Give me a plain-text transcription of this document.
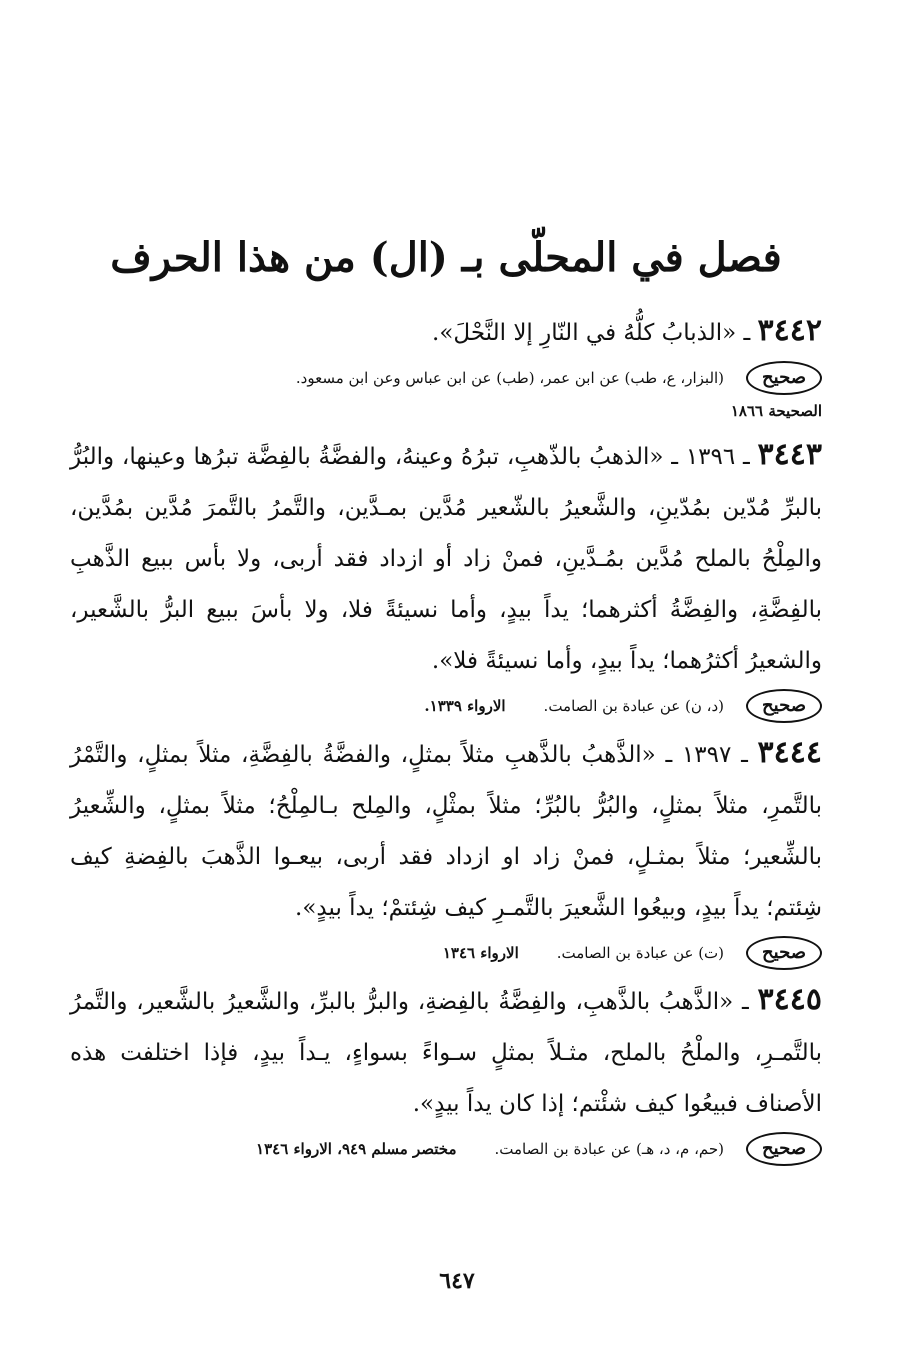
فصل في المحلّى بـ (ال) من هذا الحرف

٣٤٤٢ ـ «الذبابُ كلُّهُ في النّارِ إلا النَّحْلَ».

صحيح
(البزار، ع، طب) عن ابن عمر، (طب) عن ابن عباس وعن ابن مسعود.
الصحيحة ١٨٦٦

٣٤٤٣ ـ ١٣٩٦ ـ «الذهبُ بالذّهبِ، تبرُهُ وعينهُ، والفضَّةُ بالفِضَّة تبرُها وعينها، والبُرُّ بالبرِّ مُدّين بمُدّينِ، والشَّعيرُ بالشّعير مُدَّين بمـدَّين، والتَّمرُ بالتَّمرَ مُدَّين بمُدَّين، والمِلْحُ بالملح مُدَّين بمُـدَّينِ، فمنْ زاد أو ازداد فقد أربى، ولا بأس ببيع الذَّهبِ بالفِضَّةِ، والفِضَّةُ أكثرهما؛ يداً بيدٍ، وأما نسيئةً فلا، ولا بأسَ ببيع البرُّ بالشَّعير، والشعيرُ أكثرُهما؛ يداً بيدٍ، وأما نسيئةً فلا».

صحيح
(د، ن) عن عبادة بن الصامت.
الارواء ١٣٣٩.

٣٤٤٤ ـ ١٣٩٧ ـ «الذَّهبُ بالذَّهبِ مثلاً بمثلٍ، والفضَّةُ بالفِضَّةِ، مثلاً بمثلٍ، والتَّمْرُ بالتَّمرِ، مثلاً بمثلٍ، والبُرُّ بالبُرِّ؛ مثلاً بمثْلٍ، والمِلح بـالمِلْحُ؛ مثلاً بمثلٍ، والشِّعيرُ بالشِّعير؛ مثلاً بمثـلٍ، فمنْ زاد او ازداد فقد أربى، بيعـوا الذَّهبَ بالفِضةِ كيف شِئتم؛ يداً بيدٍ، وبيعُوا الشَّعيرَ بالتَّمـرِ كيف شِئتمْ؛ يداً بيدٍ».

صحيح
(ت) عن عبادة بن الصامت.
الارواء ١٣٤٦

٣٤٤٥ ـ «الذَّهبُ بالذَّهبِ، والفِضَّةُ بالفِضةِ، والبرُّ بالبرِّ، والشَّعيرُ بالشَّعير، والتَّمرُ بالتَّمـرِ، والملْحُ بالملح، مثـلاً بمثلٍ سـواءً بسواءٍ، يـداً بيدٍ، فإذا اختلفت هذه الأصناف فبيعُوا كيف شئْتم؛ إذا كان يداً بيدٍ».

صحيح
(حم، م، د، هـ) عن عبادة بن الصامت.
مختصر مسلم ٩٤٩، الارواء ١٣٤٦
٦٤٧
